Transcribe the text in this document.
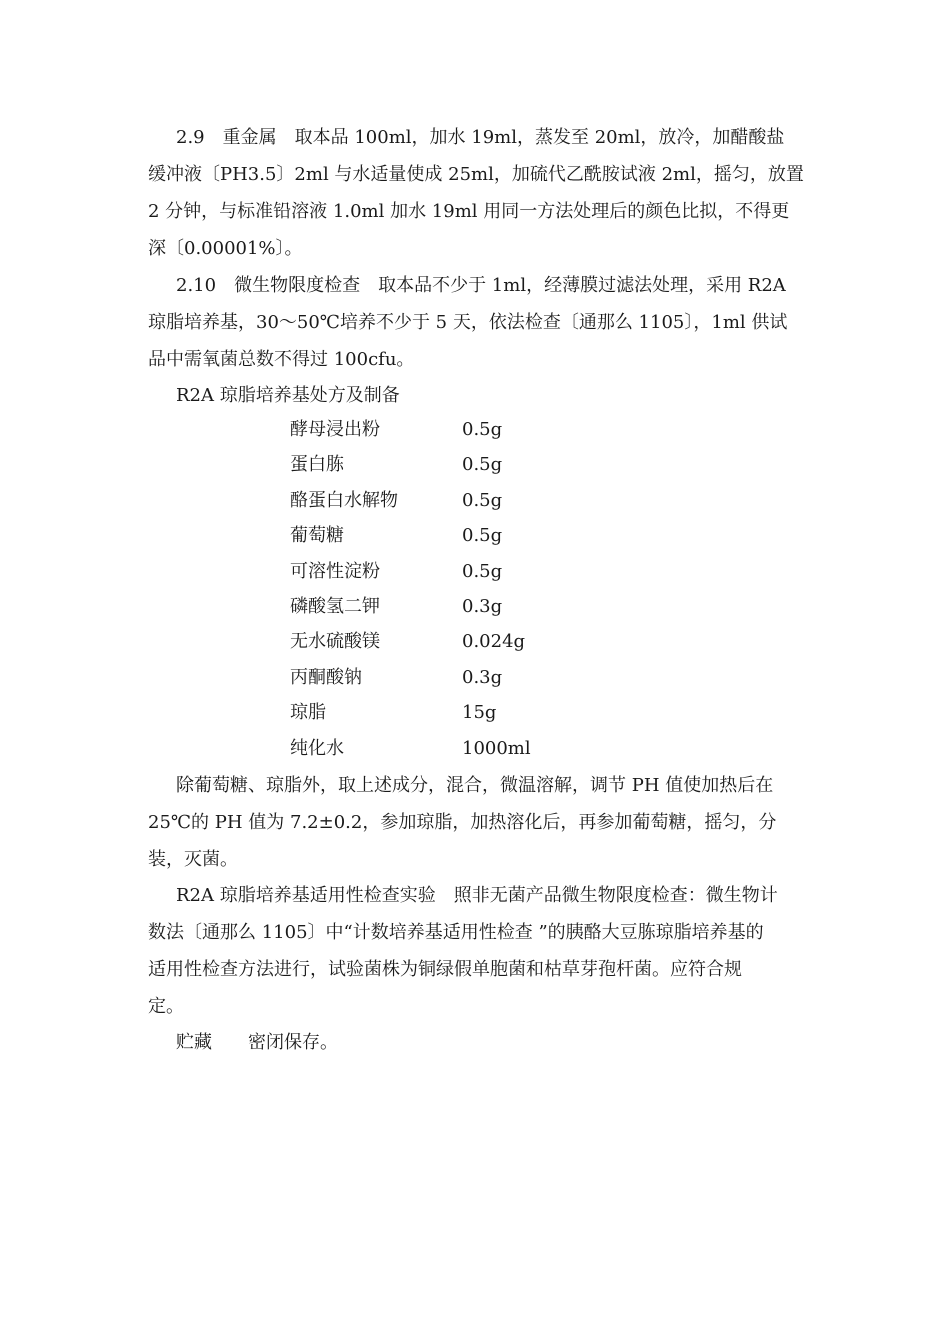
2.9　重金属　取本品 100ml，加水 19ml，蒸发至 20ml，放冷，加醋酸盐
缓冲液〔PH3.5〕2ml 与水适量使成 25ml，加硫代乙酰胺试液 2ml，摇匀，放置
2 分钟，与标准铅溶液 1.0ml 加水 19ml 用同一方法处理后的颜色比拟，不得更
深〔0.00001%〕。
2.10　微生物限度检查　取本品不少于 1ml，经薄膜过滤法处理，采用 R2A
琼脂培养基，30～50℃培养不少于 5 天，依法检查〔通那么 1105〕，1ml 供试
品中需氧菌总数不得过 100cfu。
R2A 琼脂培养基处方及制备
酵母浸出粉	0.5g
蛋白胨	0.5g
酪蛋白水解物	0.5g
葡萄糖	0.5g
可溶性淀粉	0.5g
磷酸氢二钾	0.3g
无水硫酸镁	0.024g
丙酮酸钠	0.3g
琼脂	15g
纯化水	1000ml
除葡萄糖、琼脂外，取上述成分，混合，微温溶解，调节 PH 值使加热后在
25℃的 PH 值为 7.2±0.2，参加琼脂，加热溶化后，再参加葡萄糖，摇匀，分
装，灭菌。
R2A 琼脂培养基适用性检查实验　照非无菌产品微生物限度检查：微生物计
数法〔通那么 1105〕中“计数培养基适用性检查 ”的胰酪大豆胨琼脂培养基的
适用性检查方法进行，试验菌株为铜绿假单胞菌和枯草芽孢杆菌。应符合规
定。
贮藏　　密闭保存。
